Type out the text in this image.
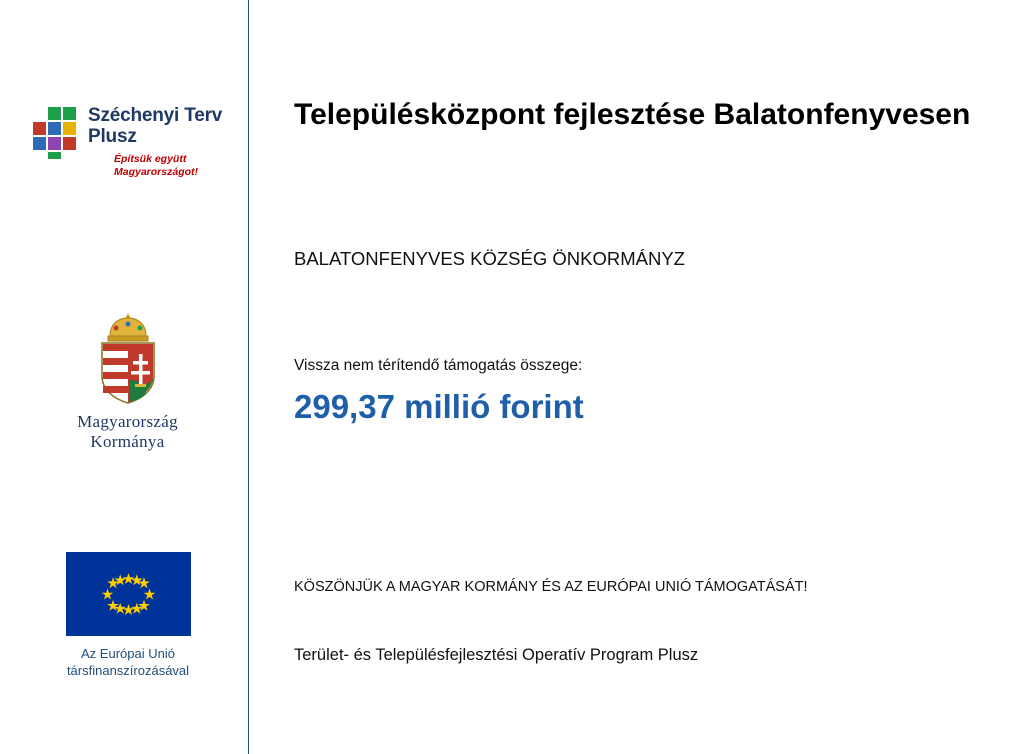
Széchenyi Terv
Plusz
Építsük együtt
Magyarországot!
Magyarország
Kormánya
Az Európai Unió
társfinanszírozásával
Településközpont fejlesztése Balatonfenyvesen
BALATONFENYVES KÖZSÉG ÖNKORMÁNYZ
Vissza nem térítendő támogatás összege:
299,37 millió forint
KÖSZÖNJÜK A MAGYAR KORMÁNY ÉS AZ EURÓPAI UNIÓ TÁMOGATÁSÁT!
Terület- és Településfejlesztési Operatív Program Plusz
